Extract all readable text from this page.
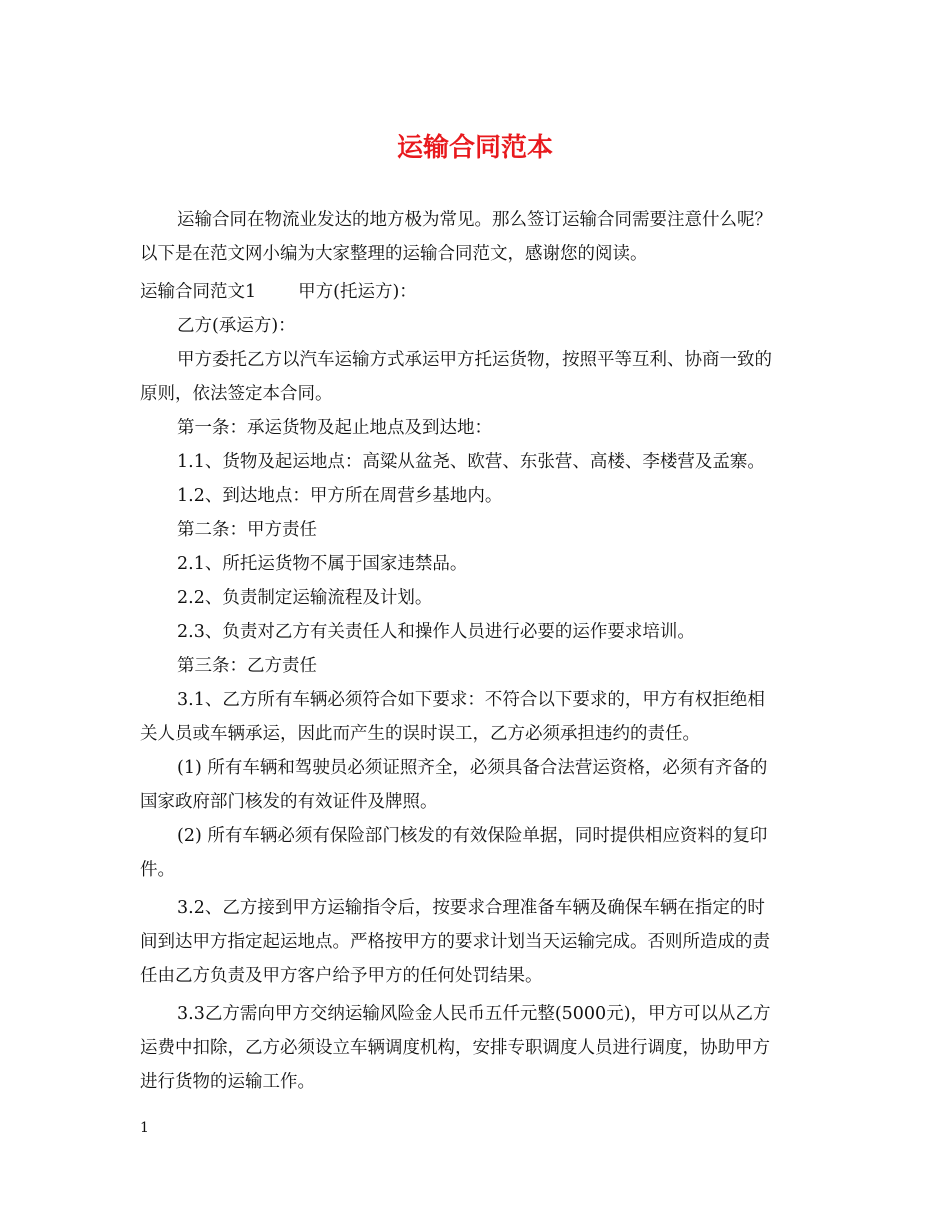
运输合同范本
运输合同在物流业发达的地方极为常见。那么签订运输合同需要注意什么呢？
以下是在范文网小编为大家整理的运输合同范文，感谢您的阅读。
运输合同范文1 甲方(托运方)：
乙方(承运方)：
甲方委托乙方以汽车运输方式承运甲方托运货物，按照平等互利、协商一致的
原则，依法签定本合同。
第一条：承运货物及起止地点及到达地：
1.1、货物及起运地点：高粱从盆尧、欧营、东张营、高楼、李楼营及孟寨。
1.2、到达地点：甲方所在周营乡基地内。
第二条：甲方责任
2.1、所托运货物不属于国家违禁品。
2.2、负责制定运输流程及计划。
2.3、负责对乙方有关责任人和操作人员进行必要的运作要求培训。
第三条：乙方责任
3.1、乙方所有车辆必须符合如下要求：不符合以下要求的，甲方有权拒绝相
关人员或车辆承运，因此而产生的误时误工，乙方必须承担违约的责任。
(1) 所有车辆和驾驶员必须证照齐全，必须具备合法营运资格，必须有齐备的
国家政府部门核发的有效证件及牌照。
(2) 所有车辆必须有保险部门核发的有效保险单据，同时提供相应资料的复印
件。
3.2、乙方接到甲方运输指令后，按要求合理准备车辆及确保车辆在指定的时
间到达甲方指定起运地点。严格按甲方的要求计划当天运输完成。否则所造成的责
任由乙方负责及甲方客户给予甲方的任何处罚结果。
3.3乙方需向甲方交纳运输风险金人民币五仟元整(5000元)，甲方可以从乙方
运费中扣除，乙方必须设立车辆调度机构，安排专职调度人员进行调度，协助甲方
进行货物的运输工作。
1
